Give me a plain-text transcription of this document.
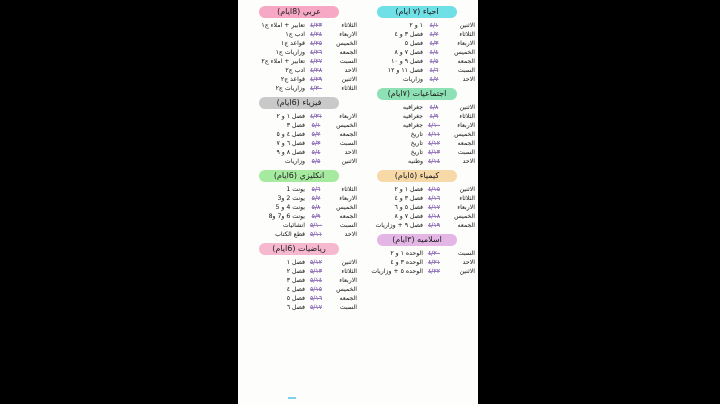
احياء (٧ ايام)
الاثنين
٤/١
١ و ٢
الثلاثاء
٤/٢
فصل ٣ و ٤
الاربعاء
٤/٣
فصل ٥
الخميس
٤/٤
فصل ٧ و ٨
الجمعه
٤/٥
فصل ٩ و ١٠
السبت
٤/٦
فصل ١١ و ١٢
الاحد
٤/٧
وزاريات
اجتماعيات (٧ايام)
الاثنين
٤/٨
جغرافيه
الثلاثاء
٤/٩
جغرافيه
الاربعاء
٤/١٠
جغرافيه
الخميس
٤/١١
تاريخ
الجمعه
٤/١٢
تاريخ
السبت
٤/١٣
تاريخ
الاحد
٤/١٤
وطنيه
كيمياء (٥ايام)
الاثنين
٤/١٥
فصل ١ و ٢
الثلاثاء
٤/١٦
فصل ٣ و ٤
الاربعاء
٤/١٧
فصل ٥ و ٦
الخميس
٤/١٨
فصل ٧ و ٨
الجمعه
٤/١٩
فصل ٩ + وزاريات
اسلاميه (٣ايام)
السبت
٤/٢٠
الوحده ١ و ٢
الاحد
٤/٢١
الوحده ٣ و ٤
الاثنين
٤/٢٢
الوحده ٥ + وزاريات
عربي (8ايام)
الثلاثاء
٤/٢٣
تعابير + املاء ج١
الاربعاء
٤/٢٤
ادب ج١
الخميس
٤/٢٥
قواعد ج١
الجمعه
٤/٢٦
وزاريات ج١
السبت
٤/٢٧
تعابير + املاء ج٢
الاحد
٤/٢٨
ادب ج٢
الاثنين
٤/٢٩
قواعد ج٢
الثلاثاء
٤/٣٠
وزاريات ج٢
فيزياء (6ايام)
الاربعاء
٤/٣١
فصل ١ و ٢
الخميس
٥/١
فصل ٣
الجمعه
٥/٢
فصل ٤ و ٥
السبت
٥/٣
فصل ٦ و ٧
الاحد
٥/٤
فصل ٨ و ٩
الاثنين
٥/٥
وزاريات
انكليزي (6ايام)
الثلاثاء
٥/٦
يونت 1
الاربعاء
٥/٧
يونت 2 و3
الخميس
٥/٨
يونت 4 و 5
الجمعه
٥/٩
يونت 6 و7 و8
السبت
٥/١٠
انشائيات
الاحد
٥/١١
قطع الكتاب
رياضيات (6ايام)
الاثنين
٥/١٢
فصل ١
الثلاثاء
٥/١٣
فصل ٢
الاربعاء
٥/١٤
فصل ٣
الخميس
٥/١٥
فصل ٤
الجمعه
٥/١٦
فصل ٥
السبت
٥/١٧
فصل ٦
